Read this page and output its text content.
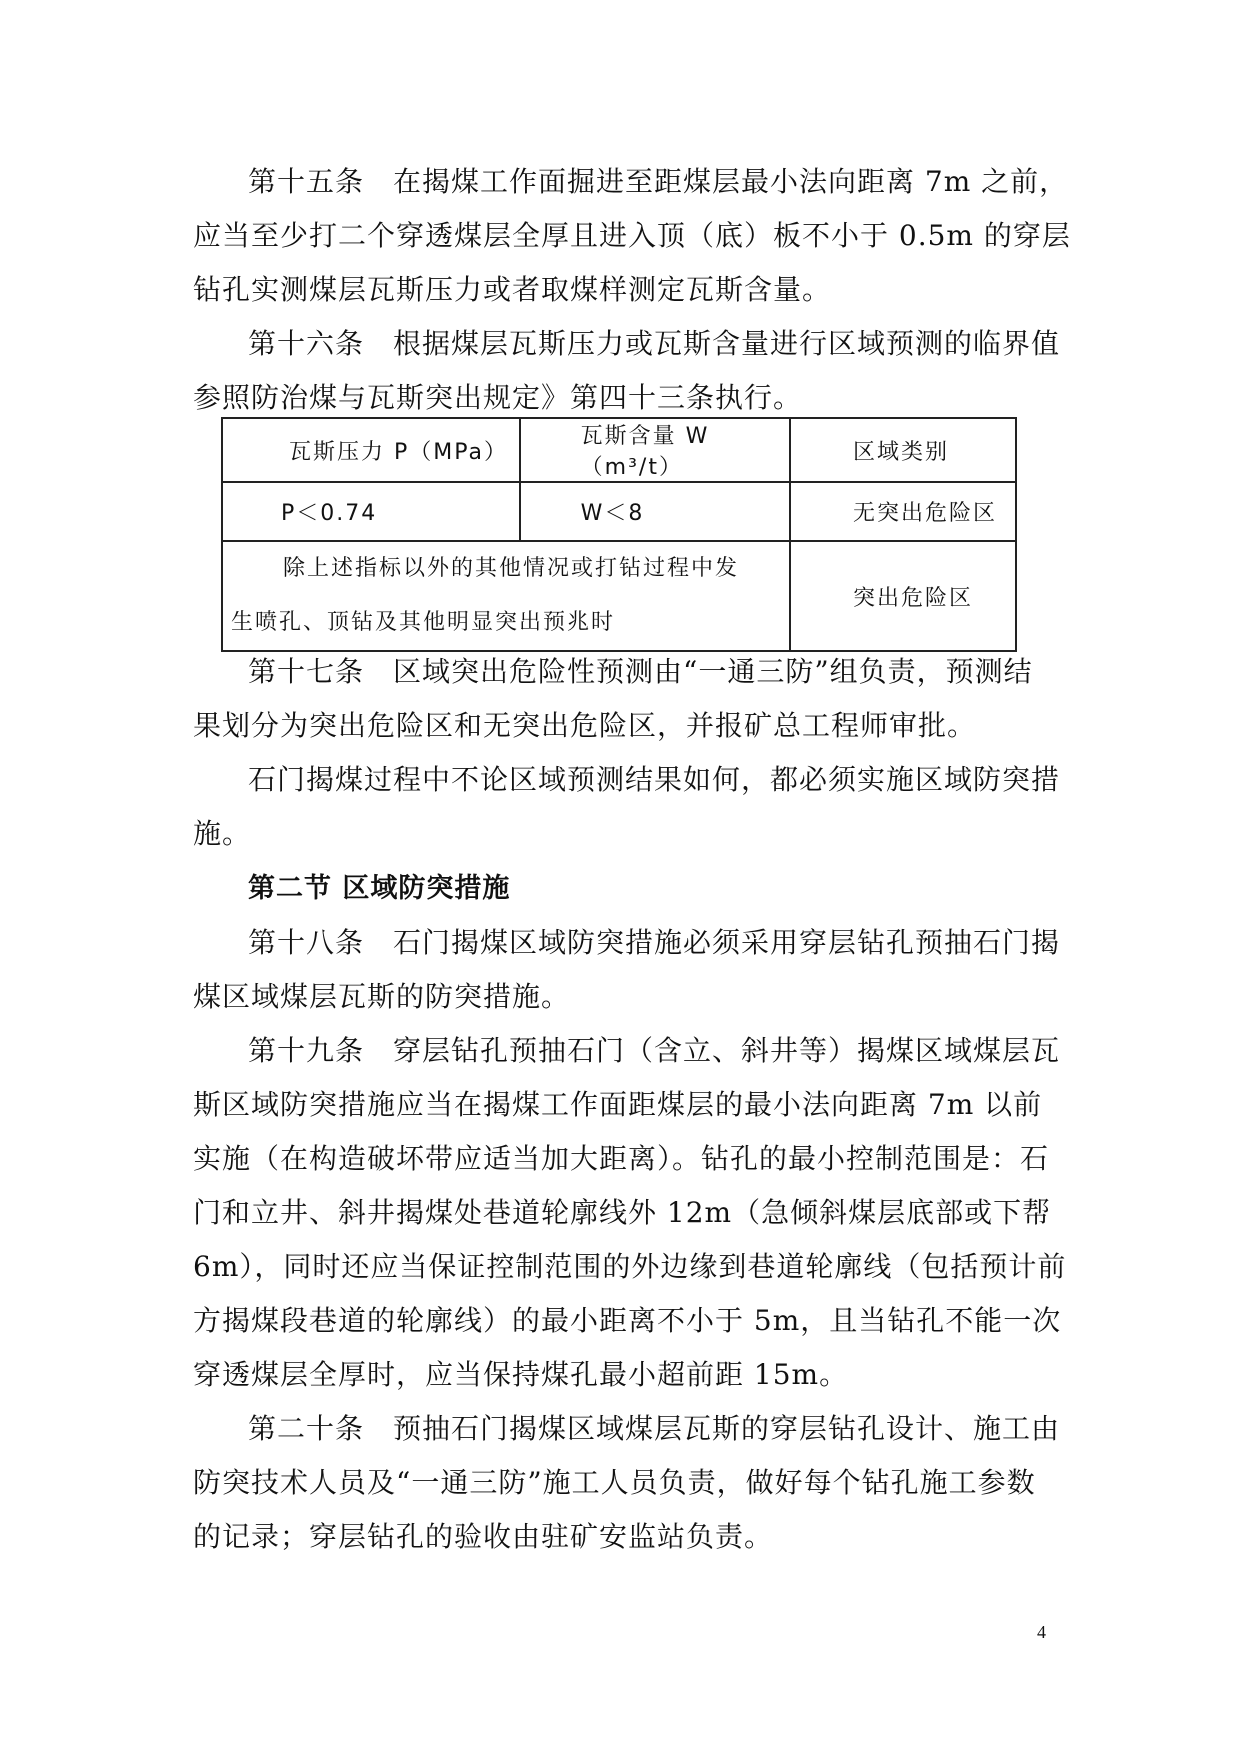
第十五条　在揭煤工作面掘进至距煤层最小法向距离 7m 之前，
应当至少打二个穿透煤层全厚且进入顶（底）板不小于 0.5m 的穿层
钻孔实测煤层瓦斯压力或者取煤样测定瓦斯含量。
第十六条　根据煤层瓦斯压力或瓦斯含量进行区域预测的临界值
参照防治煤与瓦斯突出规定》第四十三条执行。
瓦斯压力 P（MPa）	瓦斯含量 W（m³/t）	区域类别
P＜0.74	W＜8	无突出危险区

除上述指标以外的其他情况或打钻过程中发
生喷孔、顶钻及其他明显突出预兆时		突出危险区
第十七条　区域突出危险性预测由“一通三防”组负责，预测结
果划分为突出危险区和无突出危险区，并报矿总工程师审批。
石门揭煤过程中不论区域预测结果如何，都必须实施区域防突措
施。
第二节 区域防突措施
第十八条　石门揭煤区域防突措施必须采用穿层钻孔预抽石门揭
煤区域煤层瓦斯的防突措施。
第十九条　穿层钻孔预抽石门（含立、斜井等）揭煤区域煤层瓦
斯区域防突措施应当在揭煤工作面距煤层的最小法向距离 7m 以前
实施（在构造破坏带应适当加大距离）。钻孔的最小控制范围是：石
门和立井、斜井揭煤处巷道轮廓线外 12m（急倾斜煤层底部或下帮
6m），同时还应当保证控制范围的外边缘到巷道轮廓线（包括预计前
方揭煤段巷道的轮廓线）的最小距离不小于 5m，且当钻孔不能一次
穿透煤层全厚时，应当保持煤孔最小超前距 15m。
第二十条　预抽石门揭煤区域煤层瓦斯的穿层钻孔设计、施工由
防突技术人员及“一通三防”施工人员负责，做好每个钻孔施工参数
的记录；穿层钻孔的验收由驻矿安监站负责。
4
